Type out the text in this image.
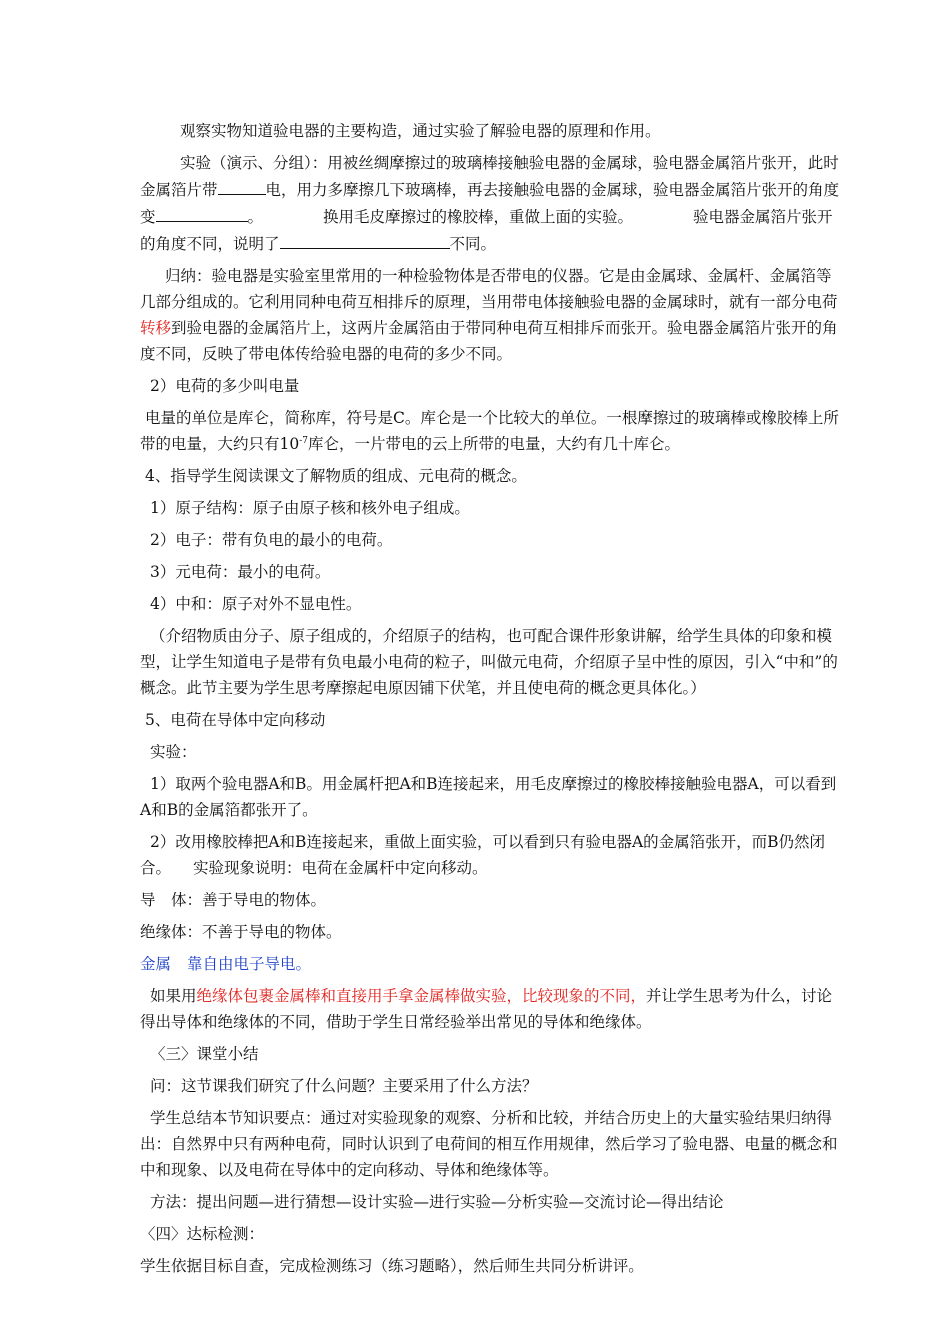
观察实物知道验电器的主要构造，通过实验了解验电器的原理和作用。

实验（演示、分组）：用被丝绸摩擦过的玻璃棒接触验电器的金属球，验电器金属箔片张开，此时金属箔片带	电，用力多摩擦几下玻璃棒，再去接触验电器的金属球，验电器金属箔片张开的角度变	。	换用毛皮摩擦过的橡胶棒，重做上面的实验。	验电器金属箔片张开的角度不同，说明了	不同。

归纳：验电器是实验室里常用的一种检验物体是否带电的仪器。它是由金属球、金属杆、金属箔等几部分组成的。它利用同种电荷互相排斥的原理，当用带电体接触验电器的金属球时，就有一部分电荷转移到验电器的金属箔片上，这两片金属箔由于带同种电荷互相排斥而张开。验电器金属箔片张开的角度不同，反映了带电体传给验电器的电荷的多少不同。

2）电荷的多少叫电量

电量的单位是库仑，简称库，符号是C。库仑是一个比较大的单位。一根摩擦过的玻璃棒或橡胶棒上所带的电量，大约只有$10^{-7}$库仑，一片带电的云上所带的电量，大约有几十库仑。

4、指导学生阅读课文了解物质的组成、元电荷的概念。

1）原子结构：原子由原子核和核外电子组成。

2）电子：带有负电的最小的电荷。

3）元电荷：最小的电荷。

4）中和：原子对外不显电性。

（介绍物质由分子、原子组成的，介绍原子的结构，也可配合课件形象讲解，给学生具体的印象和模型，让学生知道电子是带有负电最小电荷的粒子，叫做元电荷，介绍原子呈中性的原因，引入“中和”的概念。此节主要为学生思考摩擦起电原因铺下伏笔，并且使电荷的概念更具体化。）

5、电荷在导体中定向移动

实验：

1）取两个验电器A和B。用金属杆把A和B连接起来，用毛皮摩擦过的橡胶棒接触验电器A，可以看到A和B的金属箔都张开了。

2）改用橡胶棒把A和B连接起来，重做上面实验，可以看到只有验电器A的金属箔张开，而B仍然闭合。 实验现象说明：电荷在金属杆中定向移动。

导　体：善于导电的物体。

绝缘体：不善于导电的物体。

金属 靠自由电子导电。

如果用绝缘体包裹金属棒和直接用手拿金属棒做实验，比较现象的不同，并让学生思考为什么，讨论得出导体和绝缘体的不同，借助于学生日常经验举出常见的导体和绝缘体。

〈三〉课堂小结

问：这节课我们研究了什么问题？主要采用了什么方法？

学生总结本节知识要点：通过对实验现象的观察、分析和比较，并结合历史上的大量实验结果归纳得出：自然界中只有两种电荷，同时认识到了电荷间的相互作用规律，然后学习了验电器、电量的概念和中和现象、以及电荷在导体中的定向移动、导体和绝缘体等。

方法：提出问题—进行猜想—设计实验—进行实验—分析实验—交流讨论—得出结论

〈四〉达标检测：

学生依据目标自查，完成检测练习（练习题略），然后师生共同分析讲评。
